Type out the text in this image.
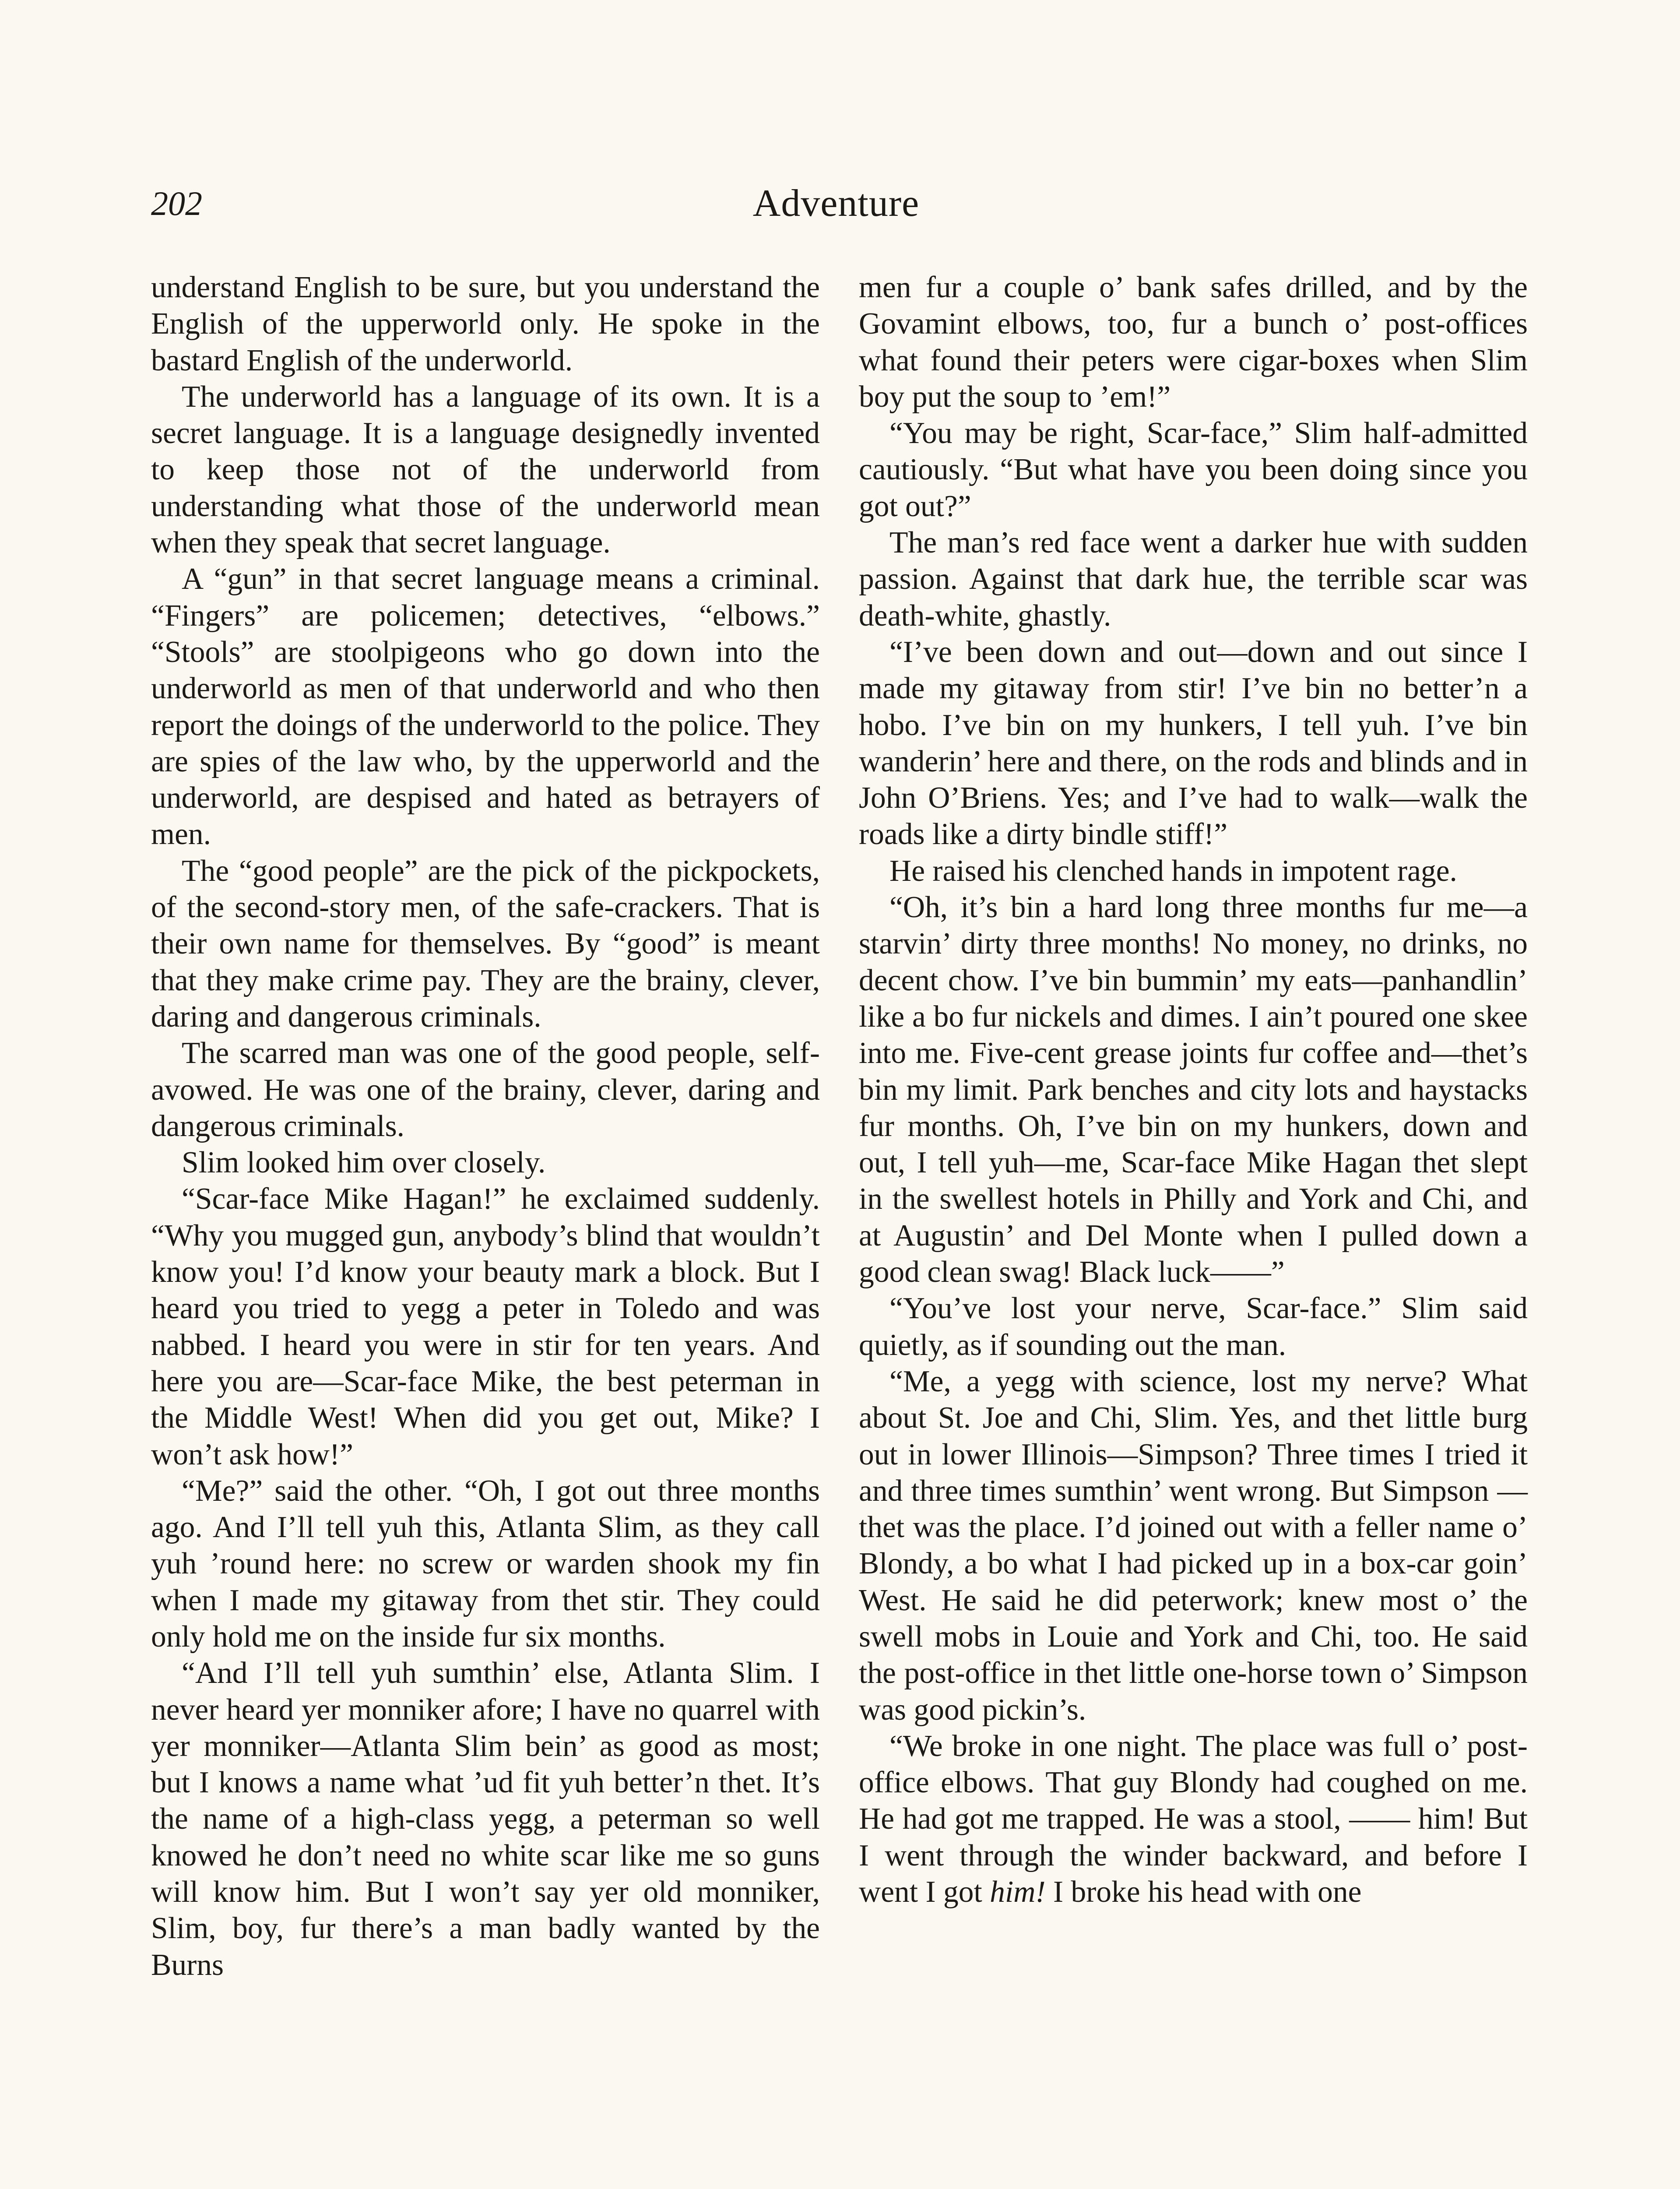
202	Adventure

understand English to be sure, but you understand the English of the upperworld only. He spoke in the bastard English of the underworld.

The underworld has a language of its own. It is a secret language. It is a language designedly invented to keep those not of the underworld from understanding what those of the underworld mean when they speak that secret language.

A “gun” in that secret language means a criminal. “Fingers” are policemen; detectives, “elbows.” “Stools” are stoolpigeons who go down into the underworld as men of that underworld and who then report the doings of the underworld to the police. They are spies of the law who, by the upperworld and the underworld, are despised and hated as betrayers of men.

The “good people” are the pick of the pickpockets, of the second-story men, of the safe-crackers. That is their own name for themselves. By “good” is meant that they make crime pay. They are the brainy, clever, daring and dangerous criminals.

The scarred man was one of the good people, self-avowed. He was one of the brainy, clever, daring and dangerous criminals.

Slim looked him over closely.

“Scar-face Mike Hagan!” he exclaimed suddenly. “Why you mugged gun, anybody’s blind that wouldn’t know you! I’d know your beauty mark a block. But I heard you tried to yegg a peter in Toledo and was nabbed. I heard you were in stir for ten years. And here you are—Scar-face Mike, the best peterman in the Middle West! When did you get out, Mike? I won’t ask how!”

“Me?” said the other. “Oh, I got out three months ago. And I’ll tell yuh this, Atlanta Slim, as they call yuh ’round here: no screw or warden shook my fin when I made my gitaway from thet stir. They could only hold me on the inside fur six months.

“And I’ll tell yuh sumthin’ else, Atlanta Slim. I never heard yer monniker afore; I have no quarrel with yer monniker—Atlanta Slim bein’ as good as most; but I knows a name what ’ud fit yuh better’n thet. It’s the name of a high-class yegg, a peterman so well knowed he don’t need no white scar like me so guns will know him. But I won’t say yer old monniker, Slim, boy, fur there’s a man badly wanted by the Burns

men fur a couple o’ bank safes drilled, and by the Govamint elbows, too, fur a bunch o’ post-offices what found their peters were cigar-boxes when Slim boy put the soup to ’em!”

“You may be right, Scar-face,” Slim half-admitted cautiously. “But what have you been doing since you got out?”

The man’s red face went a darker hue with sudden passion. Against that dark hue, the terrible scar was death-white, ghastly.

“I’ve been down and out—down and out since I made my gitaway from stir! I’ve bin no better’n a hobo. I’ve bin on my hunkers, I tell yuh. I’ve bin wanderin’ here and there, on the rods and blinds and in John O’Briens. Yes; and I’ve had to walk—walk the roads like a dirty bindle stiff!”

He raised his clenched hands in impotent rage.

“Oh, it’s bin a hard long three months fur me—a starvin’ dirty three months! No money, no drinks, no decent chow. I’ve bin bummin’ my eats—panhandlin’ like a bo fur nickels and dimes. I ain’t poured one skee into me. Five-cent grease joints fur coffee and—thet’s bin my limit. Park benches and city lots and haystacks fur months. Oh, I’ve bin on my hunkers, down and out, I tell yuh—me, Scar-face Mike Hagan thet slept in the swellest hotels in Philly and York and Chi, and at Augustin’ and Del Monte when I pulled down a good clean swag! Black luck——”

“You’ve lost your nerve, Scar-face.” Slim said quietly, as if sounding out the man.

“Me, a yegg with science, lost my nerve? What about St. Joe and Chi, Slim. Yes, and thet little burg out in lower Illinois—Simpson? Three times I tried it and three times sumthin’ went wrong. But Simpson —thet was the place. I’d joined out with a feller name o’ Blondy, a bo what I had picked up in a box-car goin’ West. He said he did peterwork; knew most o’ the swell mobs in Louie and York and Chi, too. He said the post-office in thet little one-horse town o’ Simpson was good pickin’s.

“We broke in one night. The place was full o’ post-office elbows. That guy Blondy had coughed on me. He had got me trapped. He was a stool, —— him! But I went through the winder backward, and before I went I got him! I broke his head with one
